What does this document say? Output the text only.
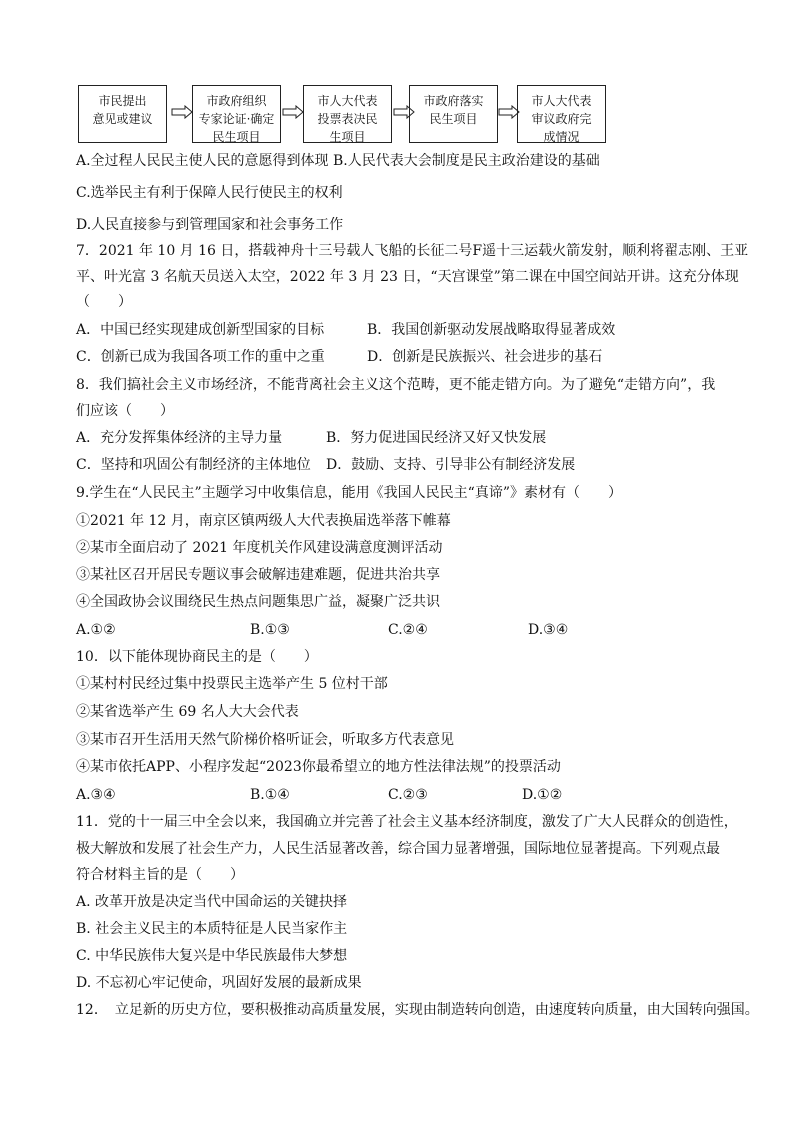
市民提出
意见或建议
市政府组织
专家论证·确定
民生项目
市人大代表
投票表决民
生项目
市政府落实
民生项目
市人大代表
审议政府完
成情况
A.全过程人民民主使人民的意愿得到体现 B.人民代表大会制度是民主政治建设的基础
C.选举民主有利于保障人民行使民主的权利
D.人民直接参与到管理国家和社会事务工作
7．2021 年 10 月 16 日，搭载神舟十三号载人飞船的长征二号F遥十三运载火箭发射，顺利将翟志刚、王亚
平、叶光富 3 名航天员送入太空，2022 年 3 月 23 日，“天宫课堂”第二课在中国空间站开讲。这充分体现
（　　）
A．中国已经实现建成创新型国家的目标	B．我国创新驱动发展战略取得显著成效
C．创新已成为我国各项工作的重中之重	D．创新是民族振兴、社会进步的基石
8．我们搞社会主义市场经济，不能背离社会主义这个范畴，更不能走错方向。为了避免“走错方向”，我
们应该（　　）
A．充分发挥集体经济的主导力量	B．努力促进国民经济又好又快发展
C．坚持和巩固公有制经济的主体地位 D．鼓励、支持、引导非公有制经济发展
9.学生在“人民民主”主题学习中收集信息，能用《我国人民民主“真谛”》素材有（　　）
①2021 年 12 月，南京区镇两级人大代表换届选举落下帷幕
②某市全面启动了 2021 年度机关作风建设满意度测评活动
③某社区召开居民专题议事会破解违建难题，促进共治共享
④全国政协会议围绕民生热点问题集思广益，凝聚广泛共识
A.①②	B.①③	C.②④	D.③④
10．以下能体现协商民主的是（　　）
①某村村民经过集中投票民主选举产生 5 位村干部
②某省选举产生 69 名人大大会代表
③某市召开生活用天然气阶梯价格听证会，听取多方代表意见
④某市依托APP、小程序发起“2023你最希望立的地方性法律法规”的投票活动
A.③④	B.①④	C.②③	D.①②
11．党的十一届三中全会以来，我国确立并完善了社会主义基本经济制度，激发了广大人民群众的创造性，
极大解放和发展了社会生产力，人民生活显著改善，综合国力显著增强，国际地位显著提高。下列观点最
符合材料主旨的是（　　）
A. 改革开放是决定当代中国命运的关键抉择
B. 社会主义民主的本质特征是人民当家作主
C. 中华民族伟大复兴是中华民族最伟大梦想
D. 不忘初心牢记使命，巩固好发展的最新成果
12．　立足新的历史方位，要积极推动高质量发展，实现由制造转向创造，由速度转向质量，由大国转向强国。
